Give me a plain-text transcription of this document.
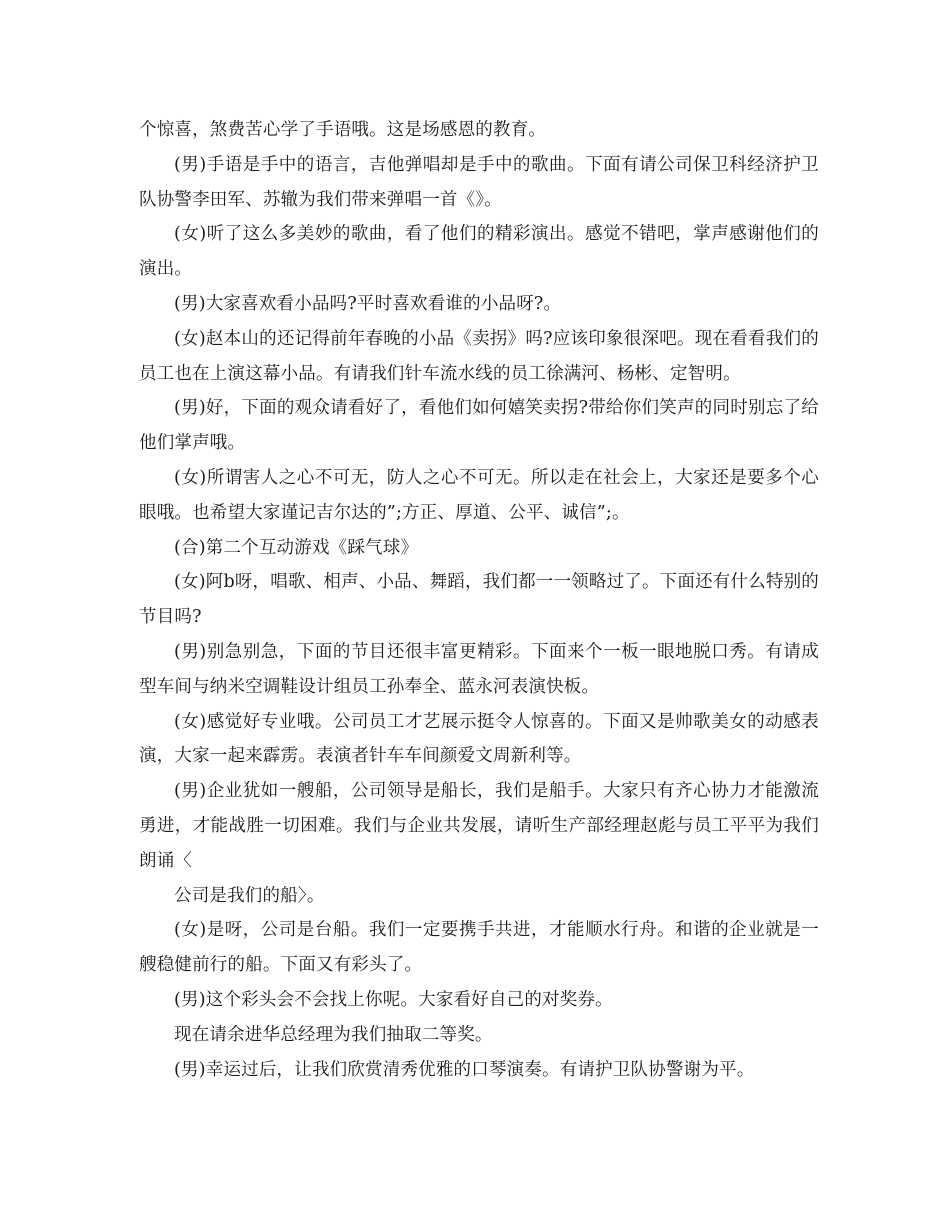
个惊喜，煞费苦心学了手语哦。这是场感恩的教育。

(男)手语是手中的语言，吉他弹唱却是手中的歌曲。下面有请公司保卫科经济护卫队协警李田军、苏辙为我们带来弹唱一首《》。

(女)听了这么多美妙的歌曲，看了他们的精彩演出。感觉不错吧，掌声感谢他们的演出。

(男)大家喜欢看小品吗?平时喜欢看谁的小品呀?。

(女)赵本山的还记得前年春晚的小品《卖拐》吗?应该印象很深吧。现在看看我们的员工也在上演这幕小品。有请我们针车流水线的员工徐满河、杨彬、定智明。

(男)好，下面的观众请看好了，看他们如何嬉笑卖拐?带给你们笑声的同时别忘了给他们掌声哦。

(女)所谓害人之心不可无，防人之心不可无。所以走在社会上，大家还是要多个心眼哦。也希望大家谨记吉尔达的”;方正、厚道、公平、诚信”;。

(合)第二个互动游戏《踩气球》

(女)阿b呀，唱歌、相声、小品、舞蹈，我们都一一领略过了。下面还有什么特别的节目吗?

(男)别急别急，下面的节目还很丰富更精彩。下面来个一板一眼地脱口秀。有请成型车间与纳米空调鞋设计组员工孙奉全、蓝永河表演快板。

(女)感觉好专业哦。公司员工才艺展示挺令人惊喜的。下面又是帅歌美女的动感表演，大家一起来霹雳。表演者针车车间颜爱文周新利等。

(男)企业犹如一艘船，公司领导是船长，我们是船手。大家只有齐心协力才能激流勇进，才能战胜一切困难。我们与企业共发展，请听生产部经理赵彪与员工平平为我们朗诵〈

公司是我们的船〉。

(女)是呀，公司是台船。我们一定要携手共进，才能顺水行舟。和谐的企业就是一艘稳健前行的船。下面又有彩头了。

(男)这个彩头会不会找上你呢。大家看好自己的对奖券。

现在请余进华总经理为我们抽取二等奖。

(男)幸运过后，让我们欣赏清秀优雅的口琴演奏。有请护卫队协警谢为平。
